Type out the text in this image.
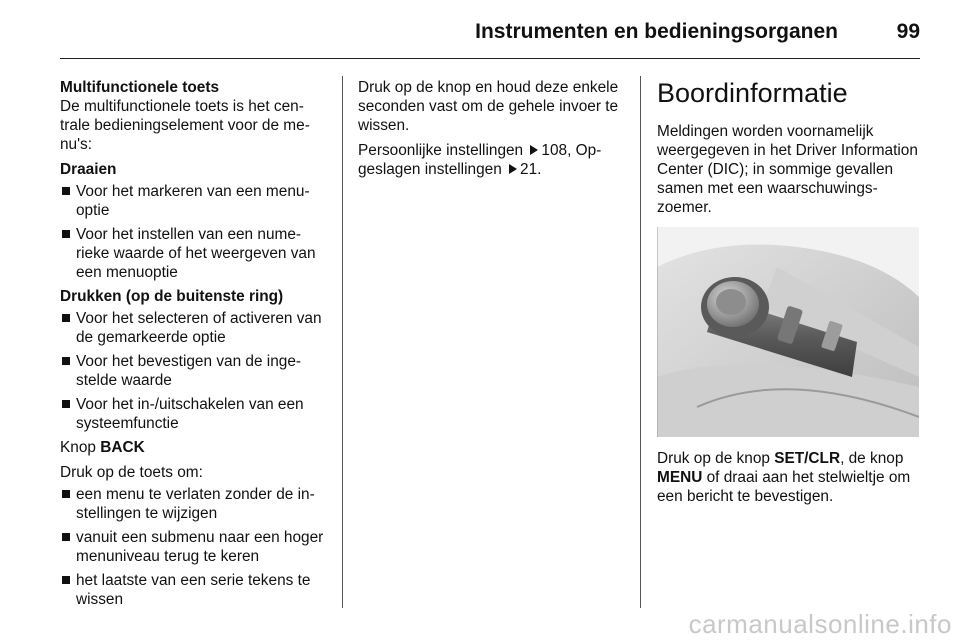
Instrumenten en bedieningsorganen	99
Multifunctionele toets

De multifunctionele toets is het centrale bedieningselement voor de menu's:

Draaien
Voor het markeren van een menuoptie
Voor het instellen van een numerieke waarde of het weergeven van een menuoptie
Drukken (op de buitenste ring)
Voor het selecteren of activeren van de gemarkeerde optie
Voor het bevestigen van de ingestelde waarde
Voor het in-/uitschakelen van een systeemfunctie

Knop BACK

Druk op de toets om:

een menu te verlaten zonder de instellingen te wijzigen
vanuit een submenu naar een hoger menuniveau terug te keren
het laatste van een serie tekens te wissen

Druk op de knop en houd deze enkele seconden vast om de gehele invoer te wissen.

Persoonlijke instellingen 108, Opgeslagen instellingen 21.

Boordinformatie

Meldingen worden voornamelijk weergegeven in het Driver Information Center (DIC); in sommige gevallen samen met een waarschuwingszoemer.

Druk op de knop SET/CLR, de knop MENU of draai aan het stelwieltje om een bericht te bevestigen.

carmanualsonline.info
